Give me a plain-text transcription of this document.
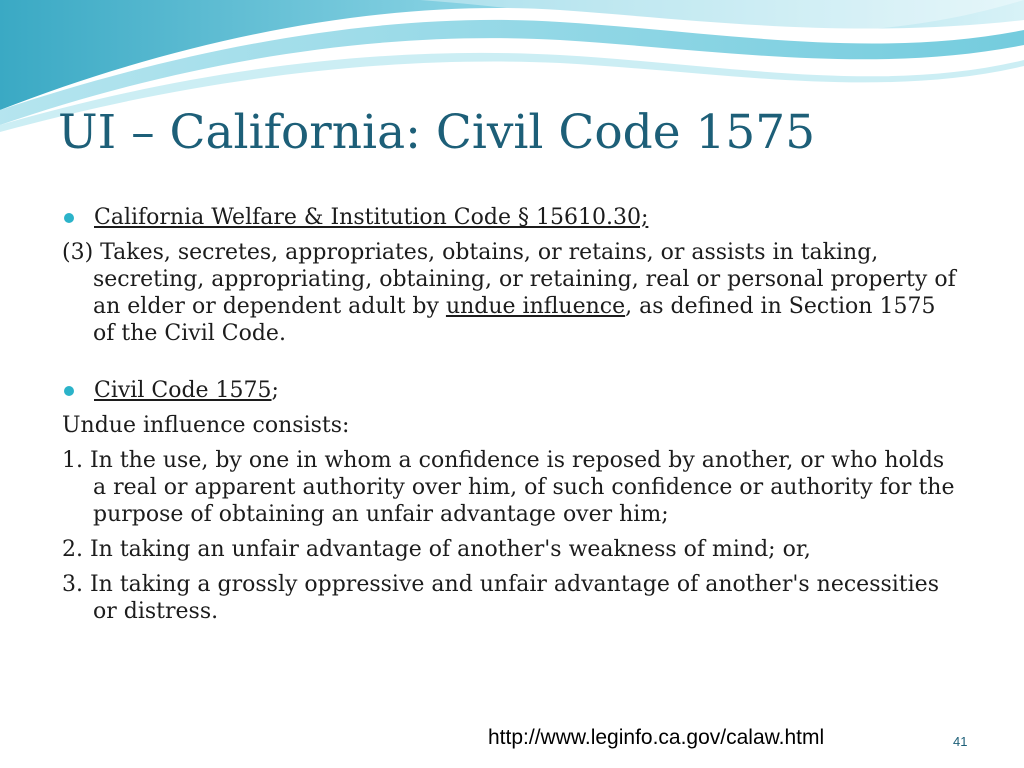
UI – California: Civil Code 1575

California Welfare & Institution Code § 15610.30;

(3) Takes, secretes, appropriates, obtains, or retains, or assists in taking, secreting, appropriating, obtaining, or retaining, real or personal property of an elder or dependent adult by undue influence, as defined in Section 1575 of the Civil Code.

Civil Code 1575;

Undue influence consists:

1. In the use, by one in whom a confidence is reposed by another, or who holds a real or apparent authority over him, of such confidence or authority for the purpose of obtaining an unfair advantage over him;

2. In taking an unfair advantage of another's weakness of mind; or,

3. In taking a grossly oppressive and unfair advantage of another's necessities or distress.

http://www.leginfo.ca.gov/calaw.html	41
